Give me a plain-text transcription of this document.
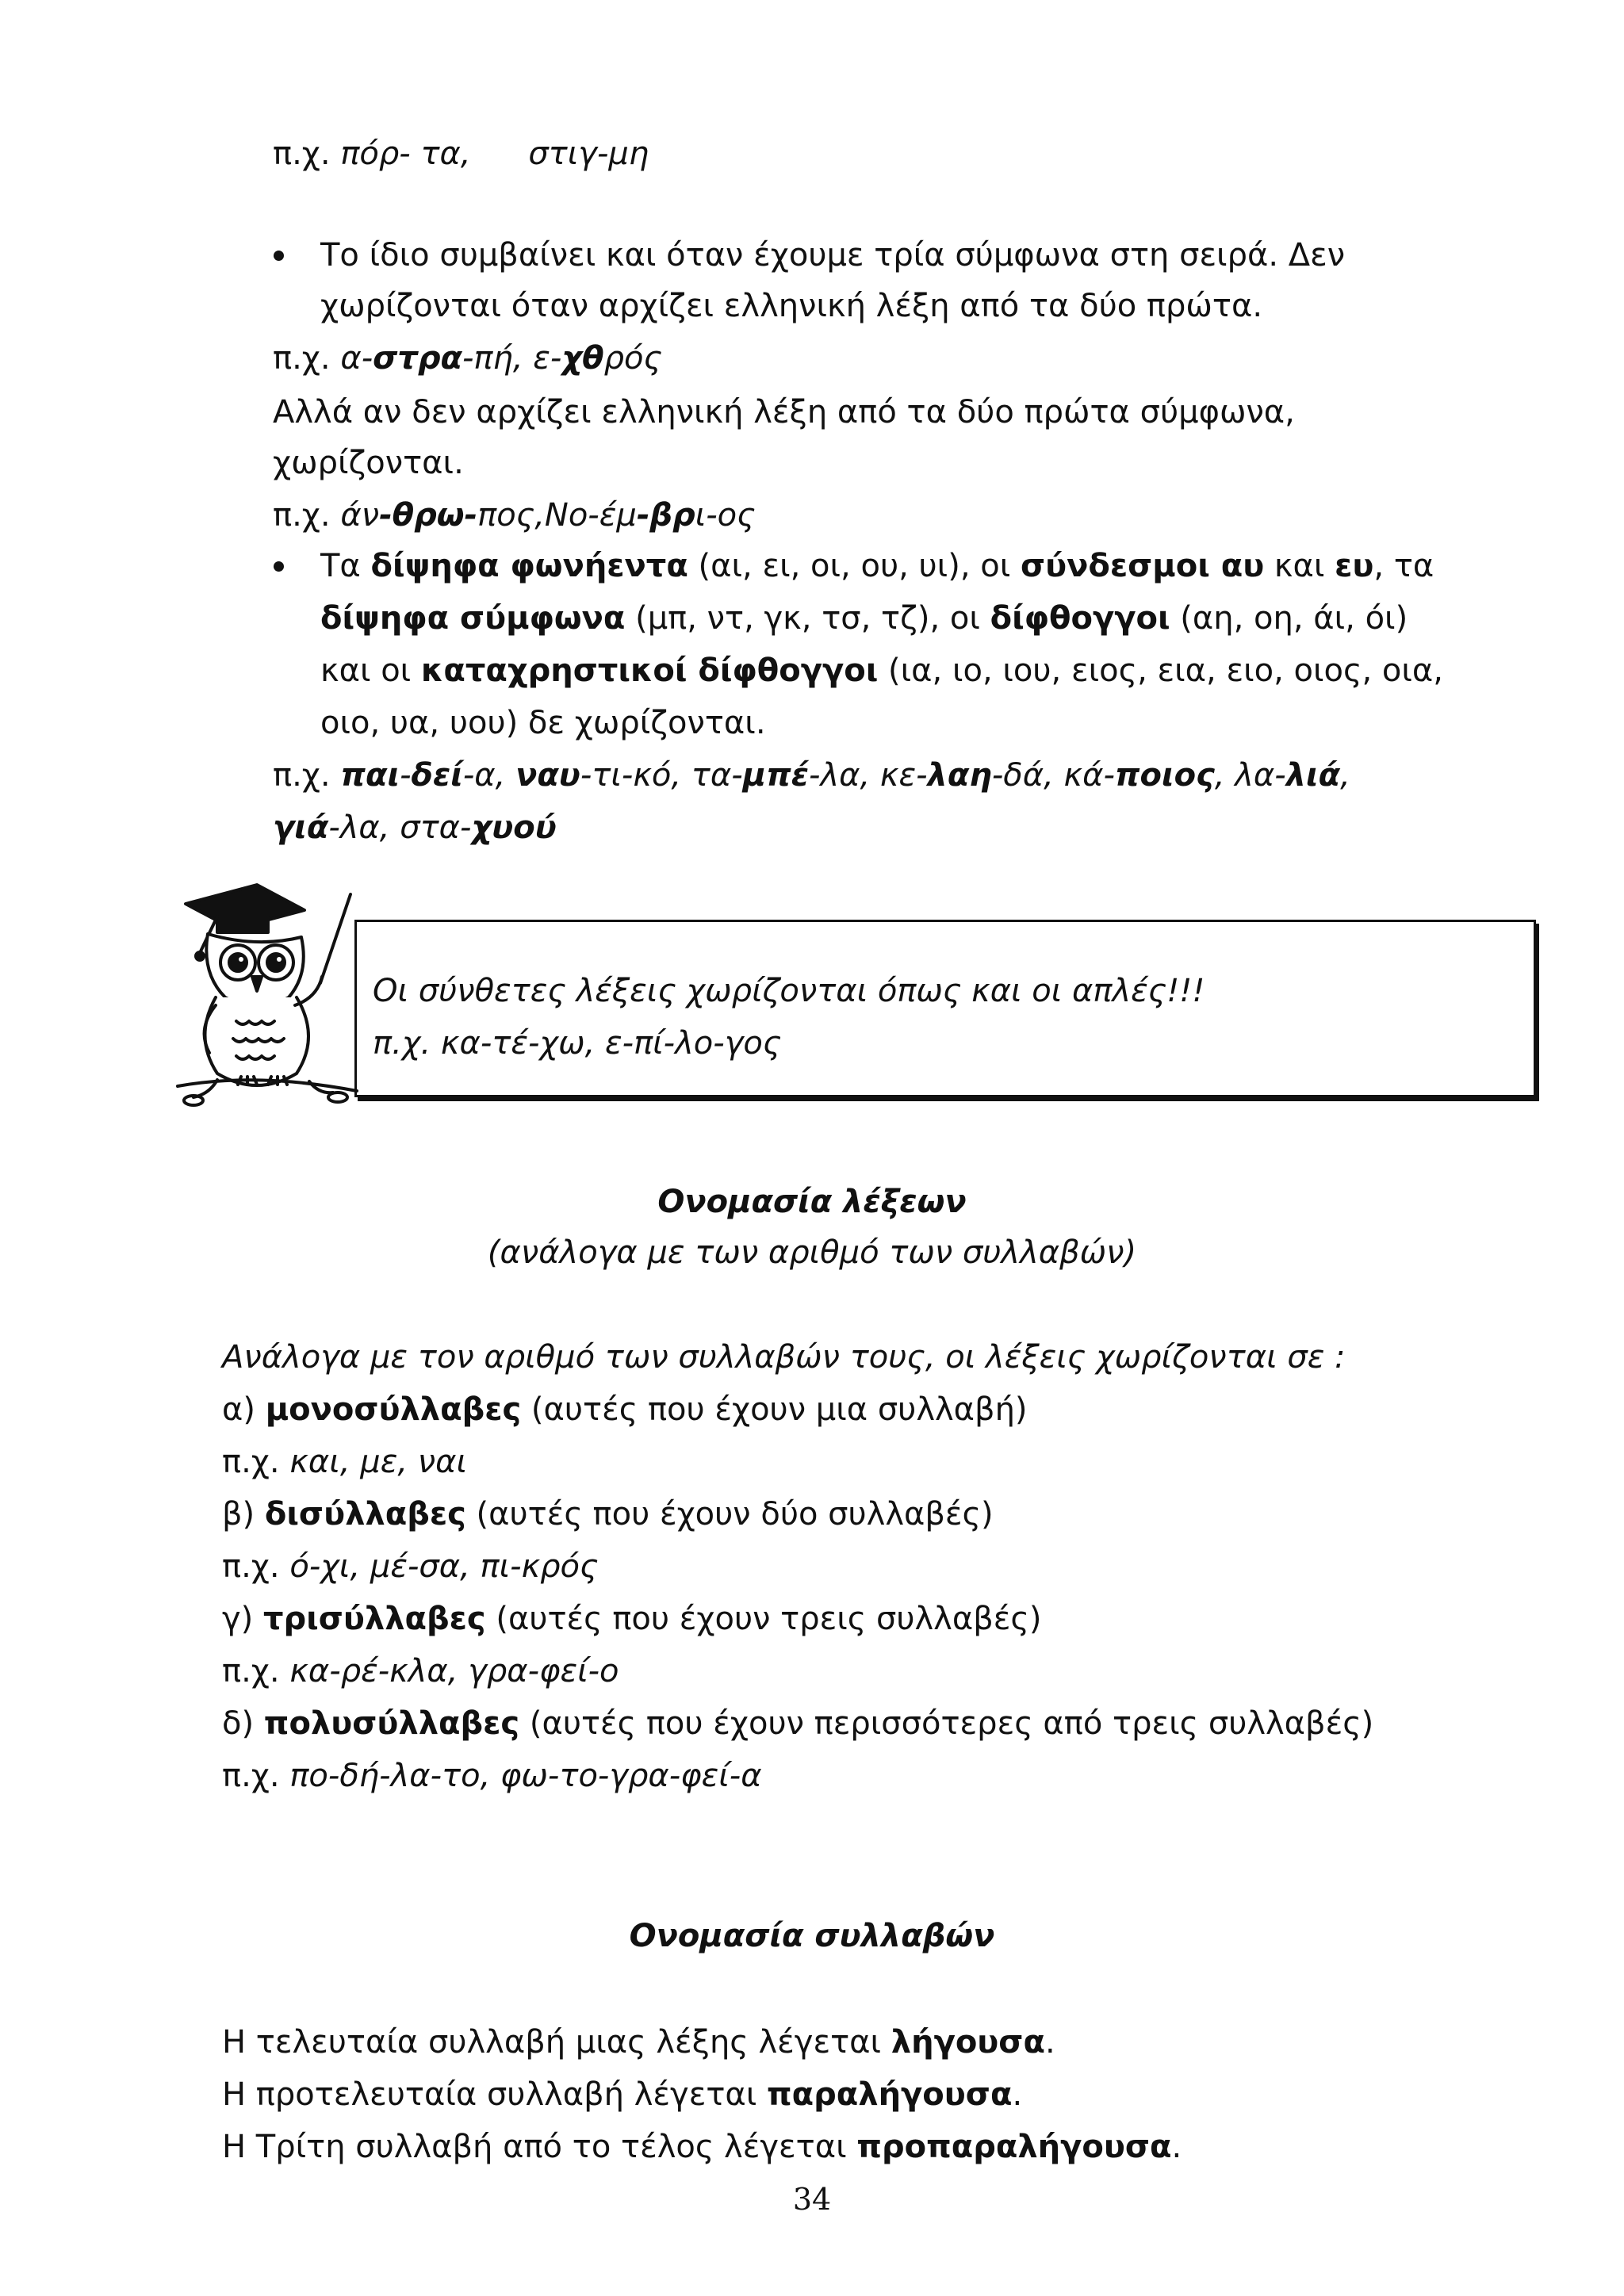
π.χ. πόρ- τα, στιγ-μη
Το ίδιο συμβαίνει και όταν έχουμε τρία σύμφωνα στη σειρά. Δεν
χωρίζονται όταν αρχίζει ελληνική λέξη από τα δύο πρώτα.
π.χ. α-στρα-πή, ε-χθρός
Αλλά αν δεν αρχίζει ελληνική λέξη από τα δύο πρώτα σύμφωνα,
χωρίζονται.
π.χ. άν-θρω-πος,Νο-έμ-βρι-ος
Τα δίψηφα φωνήεντα (αι, ει, οι, ου, υι), οι σύνδεσμοι αυ και ευ, τα
δίψηφα σύμφωνα (μπ, ντ, γκ, τσ, τζ), οι δίφθογγοι (αη, οη, άι, όι)
και οι καταχρηστικοί δίφθογγοι (ια, ιο, ιου, ειος, εια, ειο, οιος, οια,
οιο, υα, υου) δε χωρίζονται.
π.χ. παι-δεί-α, ναυ-τι-κό, τα-μπέ-λα, κε-λαη-δά, κά-ποιος, λα-λιά,
γιά-λα, στα-χυού
Οι σύνθετες λέξεις χωρίζονται όπως και οι απλές!!!
π.χ. κα-τέ-χω, ε-πί-λο-γος
Ονομασία λέξεων
(ανάλογα με των αριθμό των συλλαβών)
Ανάλογα με τον αριθμό των συλλαβών τους, οι λέξεις χωρίζονται σε :
α) μονοσύλλαβες (αυτές που έχουν μια συλλαβή)
π.χ. και, με, ναι
β) δισύλλαβες (αυτές που έχουν δύο συλλαβές)
π.χ. ό-χι, μέ-σα, πι-κρός
γ) τρισύλλαβες (αυτές που έχουν τρεις συλλαβές)
π.χ. κα-ρέ-κλα, γρα-φεί-ο
δ) πολυσύλλαβες (αυτές που έχουν περισσότερες από τρεις συλλαβές)
π.χ. πο-δή-λα-το, φω-το-γρα-φεί-α
Ονομασία συλλαβών
Η τελευταία συλλαβή μιας λέξης λέγεται λήγουσα.
Η προτελευταία συλλαβή λέγεται παραλήγουσα.
Η Τρίτη συλλαβή από το τέλος λέγεται προπαραλήγουσα.
34
